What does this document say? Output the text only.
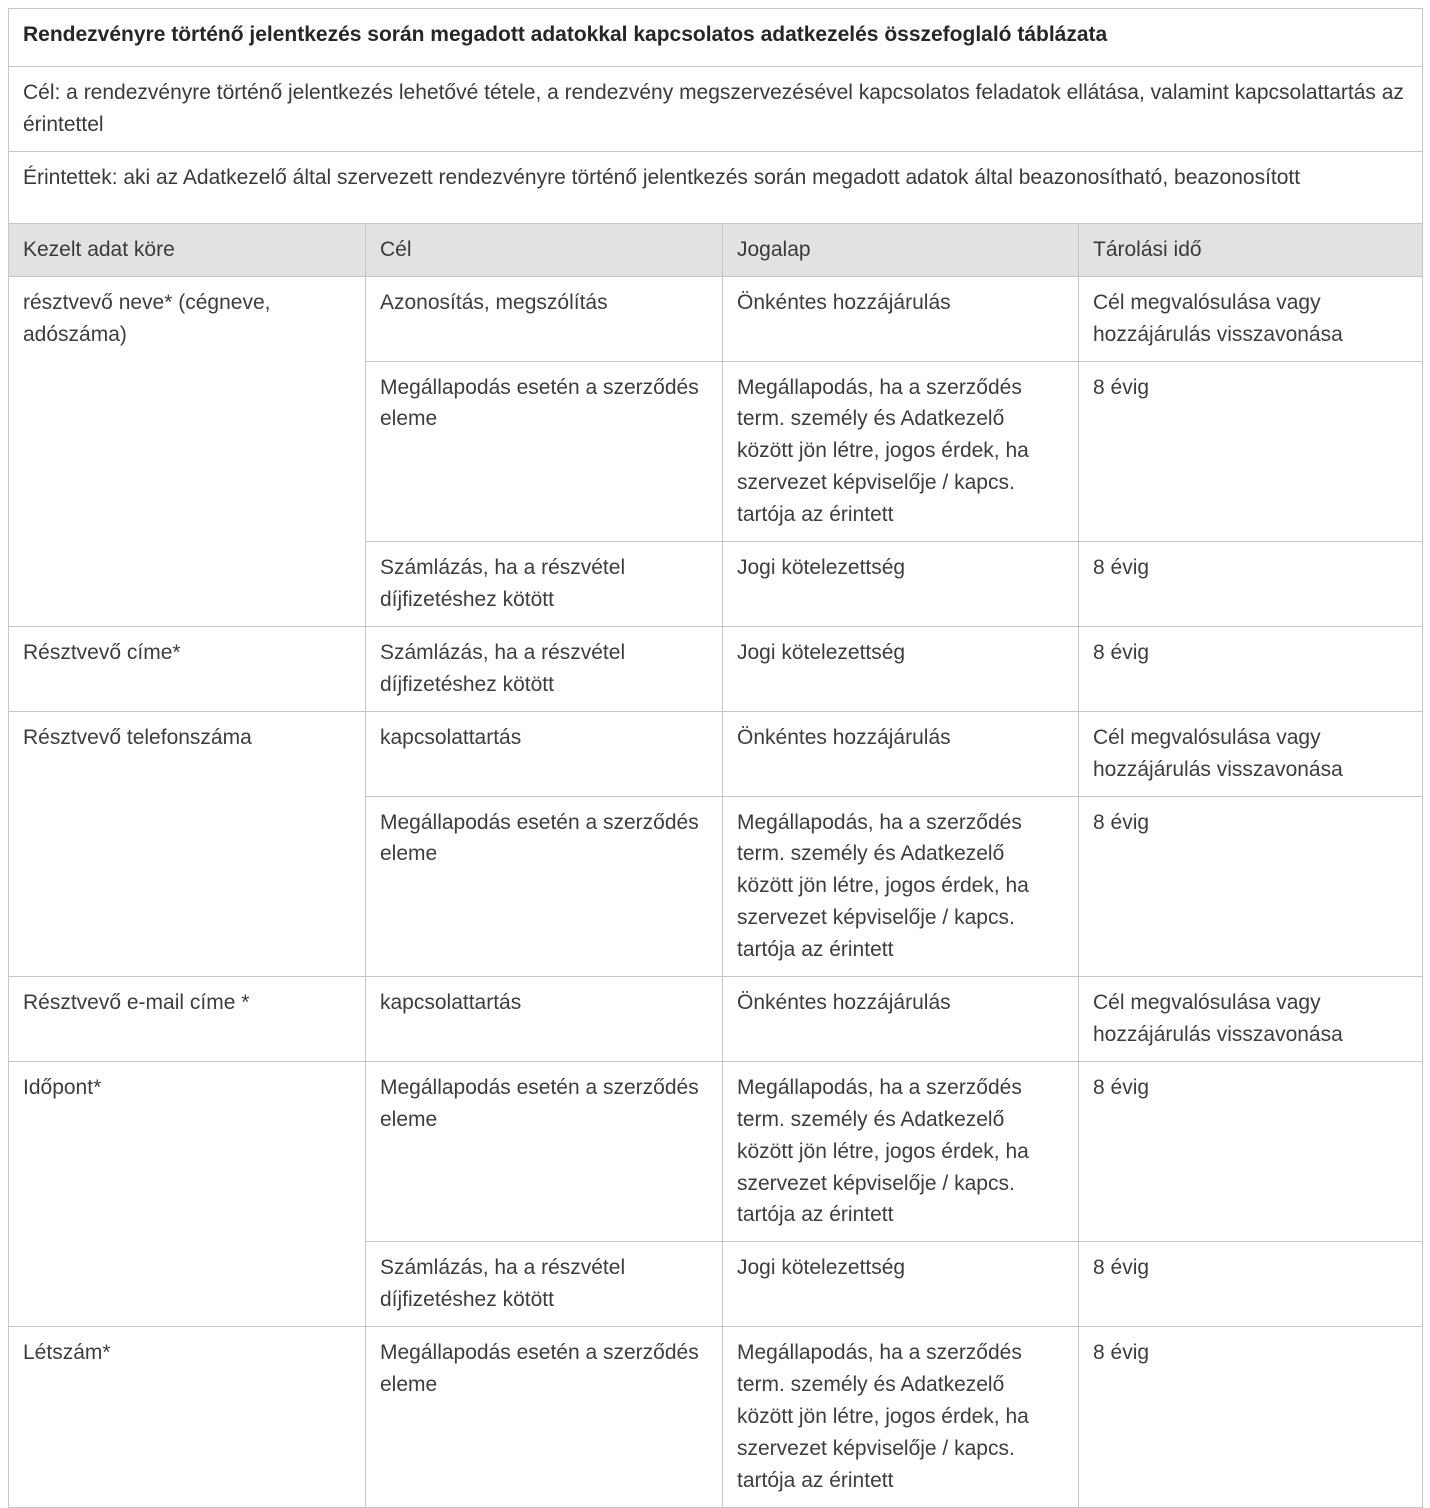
Rendezvényre történő jelentkezés során megadott adatokkal kapcsolatos adatkezelés összefoglaló táblázata			
Cél: a rendezvényre történő jelentkezés lehetővé tétele, a rendezvény megszervezésével kapcsolatos feladatok ellátása, valamint kapcsolattartás az érintettel			
Érintettek: aki az Adatkezelő által szervezett rendezvényre történő jelentkezés során megadott adatok által beazonosítható, beazonosított			
Kezelt adat köre	Cél	Jogalap	Tárolási idő
résztvevő neve* (cégneve, adószáma)	Azonosítás, megszólítás	Önkéntes hozzájárulás	Cél megvalósulása vagy hozzájárulás visszavonása
	Megállapodás esetén a szerződés eleme	Megállapodás, ha a szerződés term. személy és Adatkezelő között jön létre, jogos érdek, ha szervezet képviselője / kapcs. tartója az érintett	8 évig
	Számlázás, ha a részvétel díjfizetéshez kötött	Jogi kötelezettség	8 évig
Résztvevő címe*	Számlázás, ha a részvétel díjfizetéshez kötött	Jogi kötelezettség	8 évig
Résztvevő telefonszáma	kapcsolattartás	Önkéntes hozzájárulás	Cél megvalósulása vagy hozzájárulás visszavonása
	Megállapodás esetén a szerződés eleme	Megállapodás, ha a szerződés term. személy és Adatkezelő között jön létre, jogos érdek, ha szervezet képviselője / kapcs. tartója az érintett	8 évig
Résztvevő e-mail címe *	kapcsolattartás	Önkéntes hozzájárulás	Cél megvalósulása vagy hozzájárulás visszavonása
Időpont*	Megállapodás esetén a szerződés eleme	Megállapodás, ha a szerződés term. személy és Adatkezelő között jön létre, jogos érdek, ha szervezet képviselője / kapcs. tartója az érintett	8 évig
	Számlázás, ha a részvétel díjfizetéshez kötött	Jogi kötelezettség	8 évig
Létszám*	Megállapodás esetén a szerződés eleme	Megállapodás, ha a szerződés term. személy és Adatkezelő között jön létre, jogos érdek, ha szervezet képviselője / kapcs. tartója az érintett	8 évig
